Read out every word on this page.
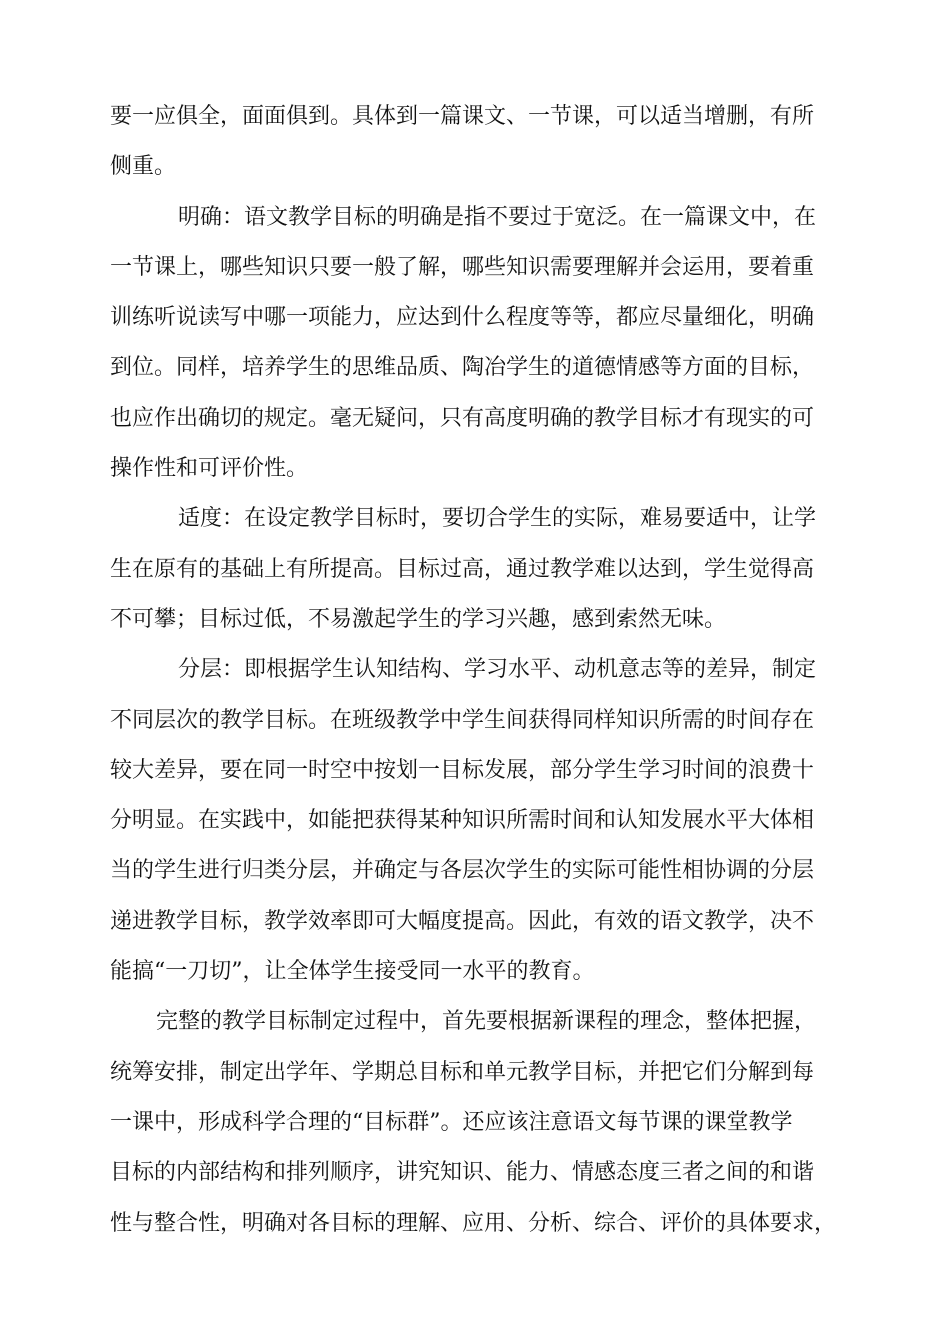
要一应俱全，面面俱到。具体到一篇课文、一节课，可以适当增删，有所
侧重。
明确：语文教学目标的明确是指不要过于宽泛。在一篇课文中，在
一节课上，哪些知识只要一般了解，哪些知识需要理解并会运用，要着重
训练听说读写中哪一项能力，应达到什么程度等等，都应尽量细化，明确
到位。同样，培养学生的思维品质、陶冶学生的道德情感等方面的目标，
也应作出确切的规定。毫无疑问，只有高度明确的教学目标才有现实的可
操作性和可评价性。
适度：在设定教学目标时，要切合学生的实际，难易要适中，让学
生在原有的基础上有所提高。目标过高，通过教学难以达到，学生觉得高
不可攀；目标过低，不易激起学生的学习兴趣，感到索然无味。
分层：即根据学生认知结构、学习水平、动机意志等的差异，制定
不同层次的教学目标。在班级教学中学生间获得同样知识所需的时间存在
较大差异，要在同一时空中按划一目标发展，部分学生学习时间的浪费十
分明显。在实践中，如能把获得某种知识所需时间和认知发展水平大体相
当的学生进行归类分层，并确定与各层次学生的实际可能性相协调的分层
递进教学目标，教学效率即可大幅度提高。因此，有效的语文教学，决不
能搞“一刀切”，让全体学生接受同一水平的教育。
完整的教学目标制定过程中，首先要根据新课程的理念，整体把握，
统筹安排，制定出学年、学期总目标和单元教学目标，并把它们分解到每
一课中，形成科学合理的“目标群”。还应该注意语文每节课的课堂教学
目标的内部结构和排列顺序，讲究知识、能力、情感态度三者之间的和谐
性与整合性，明确对各目标的理解、应用、分析、综合、评价的具体要求，
